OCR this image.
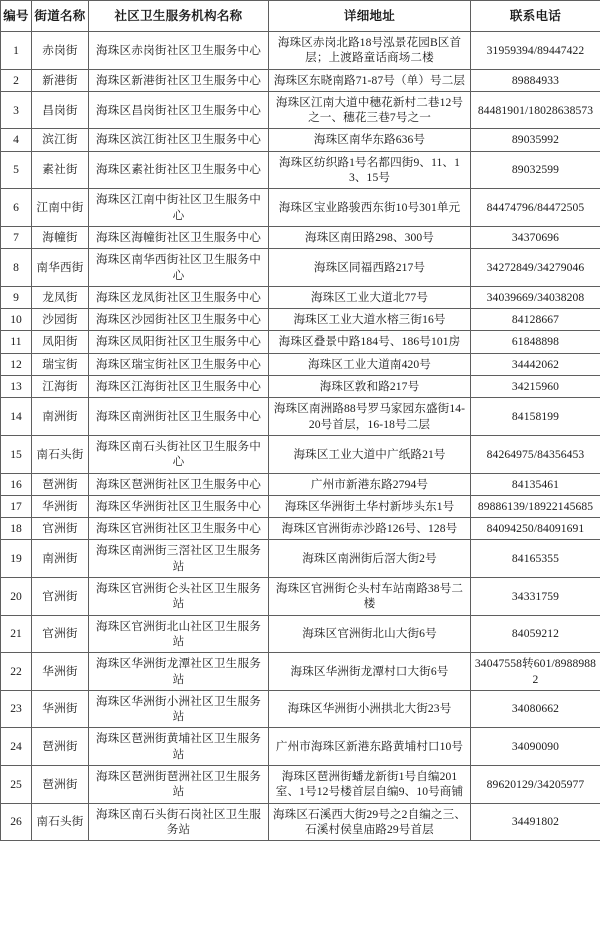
编号	街道名称	社区卫生服务机构名称	详细地址	联系电话
1	赤岗街	海珠区赤岗街社区卫生服务中心	海珠区赤岗北路18号泓景花园B区首层；上渡路童话商场二楼	31959394/89447422
2	新港街	海珠区新港街社区卫生服务中心	海珠区东晓南路71-87号（单）号二层	89884933
3	昌岗街	海珠区昌岗街社区卫生服务中心	海珠区江南大道中穗花新村二巷12号之一、穗花三巷7号之一	84481901/18028638573
4	滨江街	海珠区滨江街社区卫生服务中心	海珠区南华东路636号	89035992
5	素社街	海珠区素社街社区卫生服务中心	海珠区纺织路1号名都四街9、11、13、15号	89032599
6	江南中街	海珠区江南中街社区卫生服务中心	海珠区宝业路骏西东街10号301单元	84474796/84472505
7	海幢街	海珠区海幢街社区卫生服务中心	海珠区南田路298、300号	34370696
8	南华西街	海珠区南华西街社区卫生服务中心	海珠区同福西路217号	34272849/34279046
9	龙凤街	海珠区龙凤街社区卫生服务中心	海珠区工业大道北77号	34039669/34038208
10	沙园街	海珠区沙园街社区卫生服务中心	海珠区工业大道水榕三街16号	84128667
11	凤阳街	海珠区凤阳街社区卫生服务中心	海珠区叠景中路184号、186号101房	61848898
12	瑞宝街	海珠区瑞宝街社区卫生服务中心	海珠区工业大道南420号	34442062
13	江海街	海珠区江海街社区卫生服务中心	海珠区敦和路217号	34215960
14	南洲街	海珠区南洲街社区卫生服务中心	海珠区南洲路88号罗马家园东盛街14-20号首层，16-18号二层	84158199
15	南石头街	海珠区南石头街社区卫生服务中心	海珠区工业大道中广纸路21号	84264975/84356453
16	琶洲街	海珠区琶洲街社区卫生服务中心	广州市新港东路2794号	84135461
17	华洲街	海珠区华洲街社区卫生服务中心	海珠区华洲街土华村新埗头东1号	89886139/18922145685
18	官洲街	海珠区官洲街社区卫生服务中心	海珠区官洲街赤沙路126号、128号	84094250/84091691
19	南洲街	海珠区南洲街三滘社区卫生服务站	海珠区南洲街后滘大街2号	84165355
20	官洲街	海珠区官洲街仑头社区卫生服务站	海珠区官洲街仑头村车站南路38号二楼	34331759
21	官洲街	海珠区官洲街北山社区卫生服务站	海珠区官洲街北山大街6号	84059212
22	华洲街	海珠区华洲街龙潭社区卫生服务站	海珠区华洲街龙潭村口大街6号	34047558转601/89889882
23	华洲街	海珠区华洲街小洲社区卫生服务站	海珠区华洲街小洲拱北大街23号	34080662
24	琶洲街	海珠区琶洲街黄埔社区卫生服务站	广州市海珠区新港东路黄埔村口10号	34090090
25	琶洲街	海珠区琶洲街琶洲社区卫生服务站	海珠区琶洲街蟠龙新街1号自编201室、1号12号楼首层自编9、10号商铺	89620129/34205977
26	南石头街	海珠区南石头街石岗社区卫生服务站	海珠区石溪西大街29号之2自编之三、石溪村侯皇庙路29号首层	34491802
